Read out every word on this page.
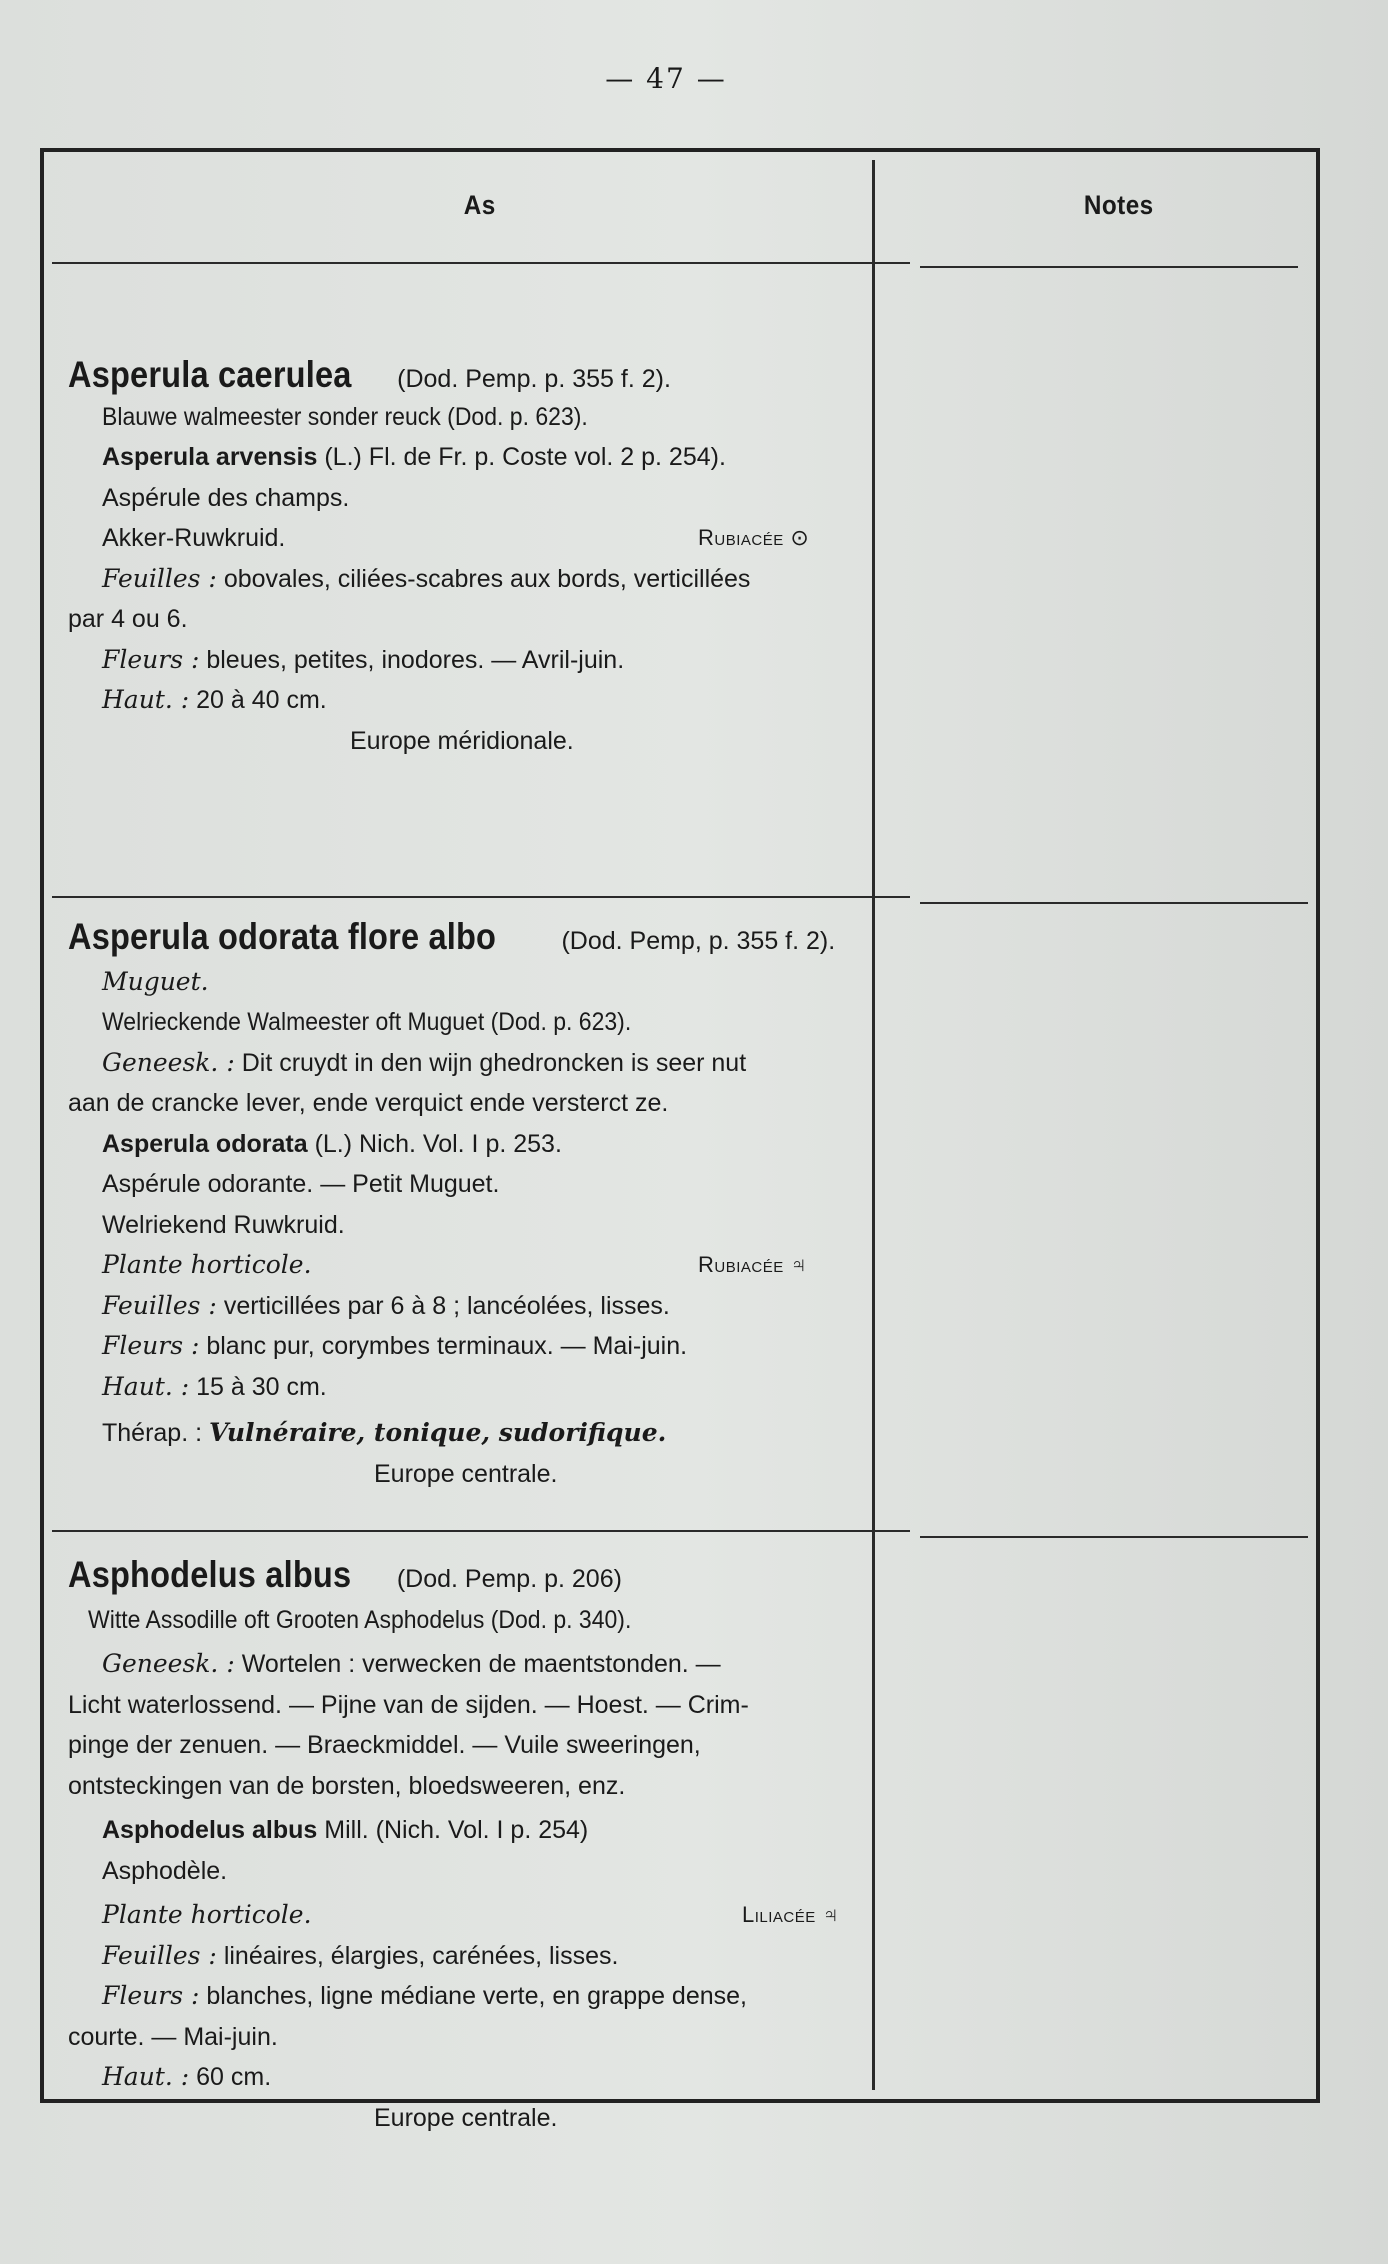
— 47 —
As	Notes

Asperula caerulea (Dod. Pemp. p. 355 f. 2).

Blauwe walmeester sonder reuck (Dod. p. 623).

Asperula arvensis (L.) Fl. de Fr. p. Coste vol. 2 p. 254).

Aspérule des champs.

Akker-Ruwkruid.	Rubiacée ⊙

Feuilles : obovales, ciliées-scabres aux bords, verticillées

par 4 ou 6.

Fleurs : bleues, petites, inodores. — Avril-juin.

Haut. : 20 à 40 cm.

Europe méridionale.

Asperula odorata flore albo	(Dod. Pemp, p. 355 f. 2).

Muguet.

Welrieckende Walmeester oft Muguet (Dod. p. 623).

Geneesk. : Dit cruydt in den wijn ghedroncken is seer nut

aan de crancke lever, ende verquict ende versterct ze.

Asperula odorata (L.) Nich. Vol. I p. 253.

Aspérule odorante. — Petit Muguet.

Welriekend Ruwkruid.

Plante horticole.	Rubiacée ♃

Feuilles : verticillées par 6 à 8 ; lancéolées, lisses.

Fleurs : blanc pur, corymbes terminaux. — Mai-juin.

Haut. : 15 à 30 cm.

Thérap. : Vulnéraire, tonique, sudorifique.

Europe centrale.

Asphodelus albus (Dod. Pemp. p. 206)

Witte Assodille oft Grooten Asphodelus (Dod. p. 340).

Geneesk. : Wortelen : verwecken de maentstonden. —

Licht waterlossend. — Pijne van de sijden. — Hoest. — Crim-

pinge der zenuen. — Braeckmiddel. — Vuile sweeringen,

ontsteckingen van de borsten, bloedsweeren, enz.

Asphodelus albus Mill. (Nich. Vol. I p. 254)

Asphodèle.

Plante horticole.	Liliacée ♃

Feuilles : linéaires, élargies, carénées, lisses.

Fleurs : blanches, ligne médiane verte, en grappe dense,

courte. — Mai-juin.

Haut. : 60 cm.

Europe centrale.
